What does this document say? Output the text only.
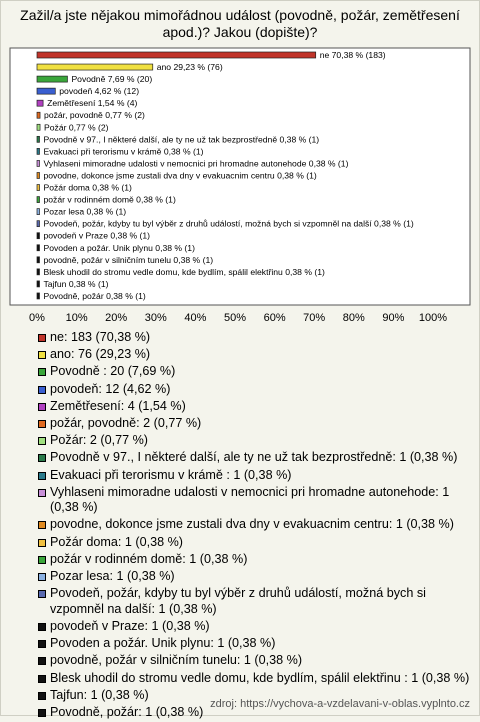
Zažil/a jste nějakou mimořádnou událost (povodně, požár, zemětřesení apod.)? Jakou (dopište)?
ne 70,38 % (183)
ano 29,23 % (76)
Povodně 7,69 % (20)
povodeň 4,62 % (12)
Zemětřesení 1,54 % (4)
požár, povodně 0,77 % (2)
Požár 0,77 % (2)
Povodně v 97., I některé další, ale ty ne už tak bezprostředně 0,38 % (1)
Evakuaci při terorismu v krámě 0,38 % (1)
Vyhlaseni mimoradne udalosti v nemocnici pri hromadne autonehode 0,38 % (1)
povodne, dokonce jsme zustali dva dny v evakuacnim centru 0,38 % (1)
Požár doma 0,38 % (1)
požár v rodinném domě 0,38 % (1)
Pozar lesa 0,38 % (1)
Povodeň, požár, kdyby tu byl výběr z druhů událostí, možná bych si vzpomněl na další 0,38 % (1)
povodeň v Praze 0,38 % (1)
Povoden a požár. Unik plynu 0,38 % (1)
povodně, požár v silničním tunelu 0,38 % (1)
Blesk uhodil do stromu vedle domu, kde bydlím, spálil elektřinu 0,38 % (1)
Tajfun 0,38 % (1)
Povodně, požár 0,38 % (1)
0% 10% 20% 30% 40% 50% 60% 70% 80% 90% 100%
ne: 183 (70,38 %)
ano: 76 (29,23 %)
Povodně : 20 (7,69 %)
povodeň: 12 (4,62 %)
Zemětřesení: 4 (1,54 %)
požár, povodně: 2 (0,77 %)
Požár: 2 (0,77 %)
Povodně v 97., I některé další, ale ty ne už tak bezprostředně: 1 (0,38 %)
Evakuaci při terorismu v krámě : 1 (0,38 %)
Vyhlaseni mimoradne udalosti v nemocnici pri hromadne autonehode: 1 (0,38 %)
povodne, dokonce jsme zustali dva dny v evakuacnim centru: 1 (0,38 %)
Požár doma: 1 (0,38 %)
požár v rodinném domě: 1 (0,38 %)
Pozar lesa: 1 (0,38 %)
Povodeň, požár, kdyby tu byl výběr z druhů událostí, možná bych si vzpomněl na další: 1 (0,38 %)
povodeň v Praze: 1 (0,38 %)
Povoden a požár. Unik plynu: 1 (0,38 %)
povodně, požár v silničním tunelu: 1 (0,38 %)
Blesk uhodil do stromu vedle domu, kde bydlím, spálil elektřinu : 1 (0,38 %)
Tajfun: 1 (0,38 %)
Povodně, požár: 1 (0,38 %)
zdroj: https://vychova-a-vzdelavani-v-oblas.vyplnto.cz
